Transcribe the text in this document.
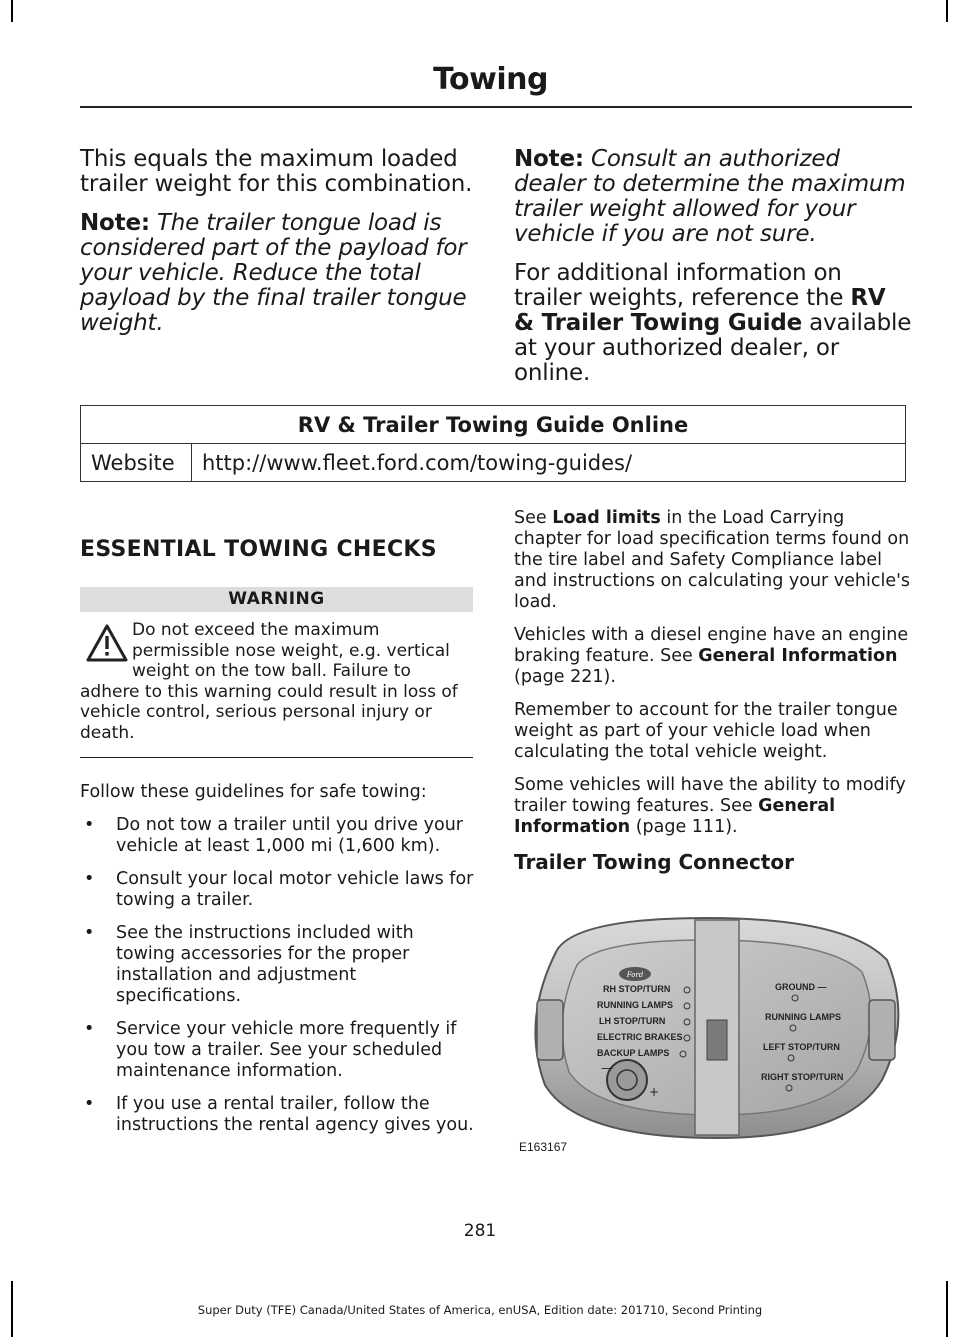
Towing

This equals the maximum loaded trailer weight for this combination.

Note: The trailer tongue load is considered part of the payload for your vehicle. Reduce the total payload by the final trailer tongue weight.

Note: Consult an authorized dealer to determine the maximum trailer weight allowed for your vehicle if you are not sure.

For additional information on trailer weights, reference the RV & Trailer Towing Guide available at your authorized dealer, or online.

RV & Trailer Towing Guide Online
Website	http://www.fleet.ford.com/towing-guides/
ESSENTIAL TOWING CHECKS
WARNING
Do not exceed the maximum permissible nose weight, e.g. vertical weight on the tow ball. Failure to adhere to this warning could result in loss of vehicle control, serious personal injury or death.

Follow these guidelines for safe towing:

• Do not tow a trailer until you drive your vehicle at least 1,000 mi (1,600 km).
• Consult your local motor vehicle laws for towing a trailer.
• See the instructions included with towing accessories for the proper installation and adjustment specifications.
• Service your vehicle more frequently if you tow a trailer. See your scheduled maintenance information.
• If you use a rental trailer, follow the instructions the rental agency gives you.

See Load limits in the Load Carrying chapter for load specification terms found on the tire label and Safety Compliance label and instructions on calculating your vehicle's load.

Vehicles with a diesel engine have an engine braking feature. See General Information (page 221).

Remember to account for the trailer tongue weight as part of your vehicle load when calculating the total vehicle weight.

Some vehicles will have the ability to modify trailer towing features. See General Information (page 111).

Trailer Towing Connector

Ford
RH STOP/TURN
RUNNING LAMPS
LH STOP/TURN
ELECTRIC BRAKES
BACKUP LAMPS
GROUND —
RUNNING LAMPS
LEFT STOP/TURN
RIGHT STOP/TURN
—
+
E163167
281
Super Duty (TFE) Canada/United States of America, enUSA, Edition date: 201710, Second Printing
